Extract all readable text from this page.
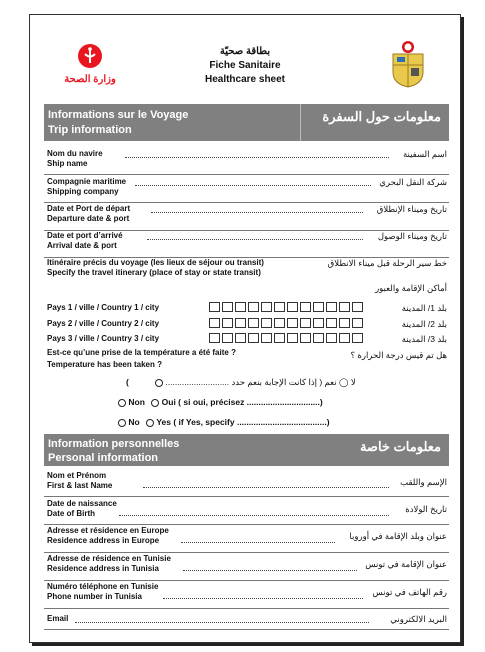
وزارة الصحة
بطاقة صحيّة
Fiche Sanitaire
Healthcare sheet
Informations sur le Voyage
Trip information
معلومات حول السفرة
Nom du navire
Ship name
اسم السفينة
Compagnie maritime
Shipping company
شركة النقل البحري
Date et Port de départ
Departure date & port
تاريخ وميناء الإنطلاق
Date et port d’arrivé
Arrival date & port
تاريخ وميناء الوصول
Itinéraire précis du voyage (les lieux de séjour ou transit)
Specify the travel itinerary (place of stay or state transit)
خط سير الرحلة قبل ميناء الانطلاق
أماكن الإقامة والعبور
Pays 1 / ville / Country 1 / city	بلد 1/ المدينة
Pays 2 / ville / Country 2 / city	بلد 2/ المدينة
Pays 3 / ville / Country 3 / city	بلد 3/ المدينة
Est-ce qu’une prise de la température a été faite ?
Temperature has been taken ?
هل تم قيس درجة الحرارة ؟
(	لا ◯ نعم ( إذا كانت الإجابة بنعم حدد ...........................
Non Oui ( si oui, précisez ...............................)
No Yes ( if Yes, specify ......................................)
Information personnelles
Personal information
معلومات خاصة
Nom et Prénom
First & last Name	الإسم واللقب
Date de naissance
Date of Birth	تاريخ الولادة
Adresse et résidence en Europe
Residence address in Europe	عنوان وبلد الإقامة في أوروبا
Adresse de résidence en Tunisie
Residence address in Tunisia	عنوان الإقامة في تونس
Numéro téléphone en Tunisie
Phone number in Tunisia	رقم الهاتف في تونس
Email	البريد الالكتروني
